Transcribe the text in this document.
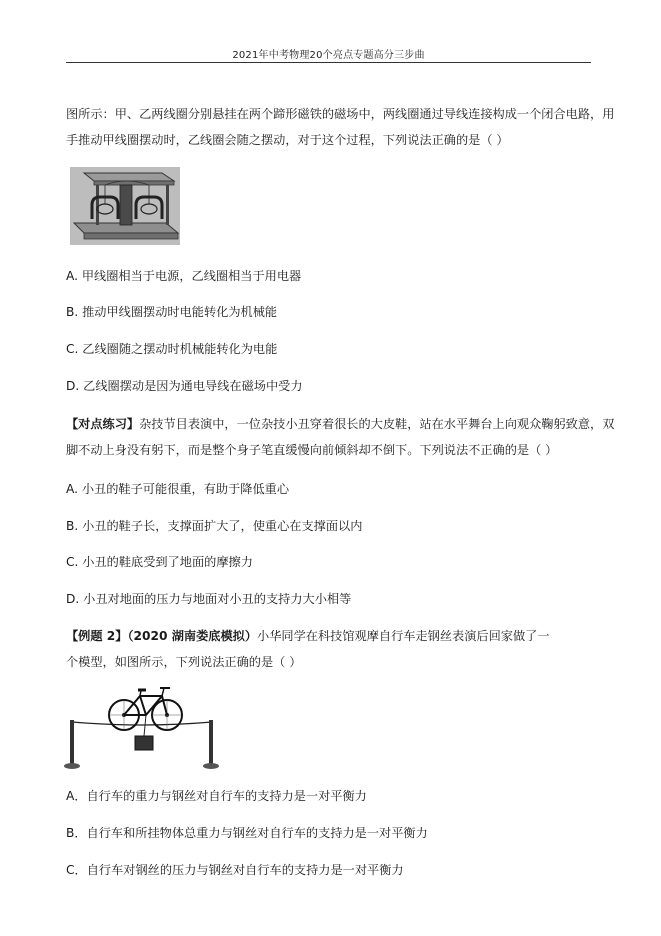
2021年中考物理20个亮点专题高分三步曲
图所示：甲、乙两线圈分别悬挂在两个蹄形磁铁的磁场中，两线圈通过导线连接构成一个闭合电路，用
手推动甲线圈摆动时，乙线圈会随之摆动，对于这个过程，下列说法正确的是（ ）
A. 甲线圈相当于电源，乙线圈相当于用电器
B. 推动甲线圈摆动时电能转化为机械能
C. 乙线圈随之摆动时机械能转化为电能
D. 乙线圈摆动是因为通电导线在磁场中受力
【对点练习】杂技节目表演中，一位杂技小丑穿着很长的大皮鞋，站在水平舞台上向观众鞠躬致意，双
脚不动上身没有躬下，而是整个身子笔直缓慢向前倾斜却不倒下。下列说法不正确的是（ ）
A. 小丑的鞋子可能很重，有助于降低重心
B. 小丑的鞋子长，支撑面扩大了，使重心在支撑面以内
C. 小丑的鞋底受到了地面的摩擦力
D. 小丑对地面的压力与地面对小丑的支持力大小相等
【例题 2】（2020 湖南娄底模拟）小华同学在科技馆观摩自行车走钢丝表演后回家做了一
个模型，如图所示，下列说法正确的是（ ）
A．自行车的重力与钢丝对自行车的支持力是一对平衡力
B．自行车和所挂物体总重力与钢丝对自行车的支持力是一对平衡力
C．自行车对钢丝的压力与钢丝对自行车的支持力是一对平衡力
